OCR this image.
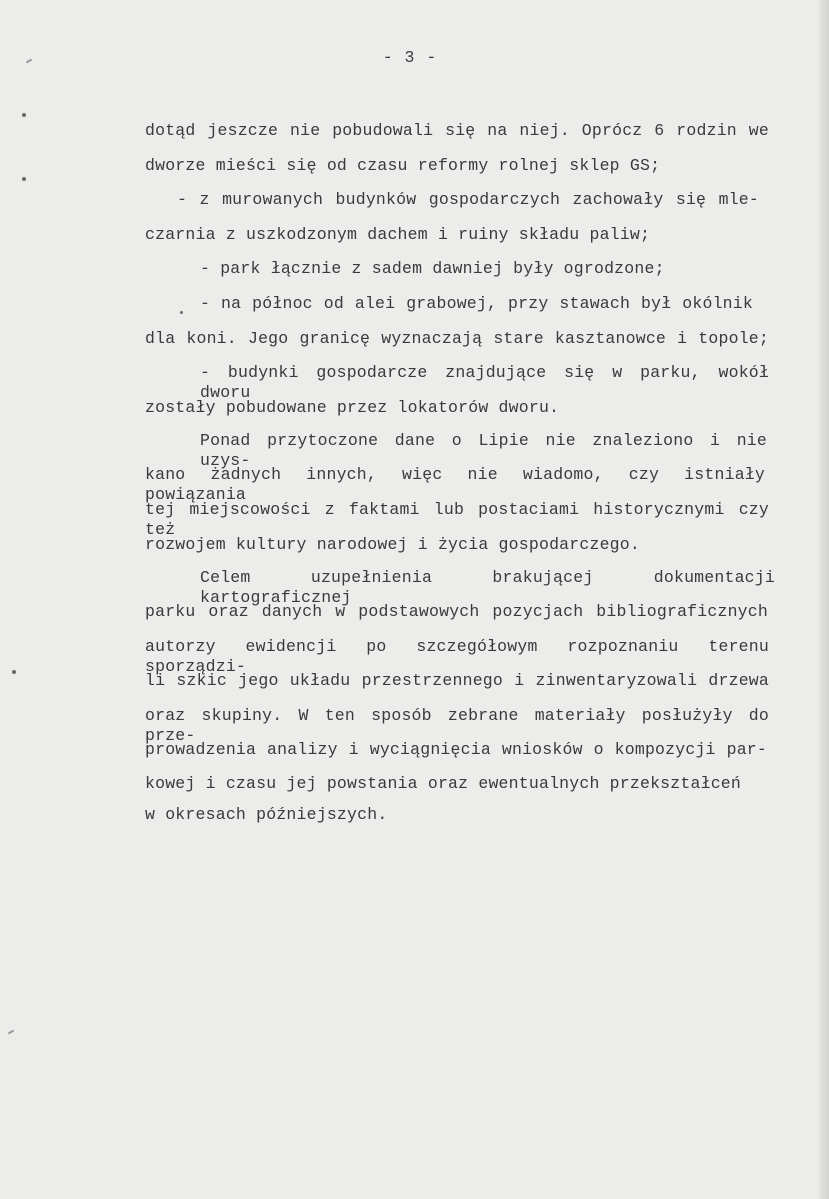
- 3 -
dotąd jeszcze nie pobudowali się na niej. Oprócz 6 rodzin we
dworze mieści się od czasu reformy rolnej sklep GS;
- z murowanych budynków gospodarczych zachowały się mle-
czarnia z uszkodzonym dachem i ruiny składu paliw;
- park łącznie z sadem dawniej były ogrodzone;
- na północ od alei grabowej, przy stawach był okólnik
dla koni. Jego granicę wyznaczają stare kasztanowce i topole;
- budynki gospodarcze znajdujące się w parku, wokół dworu
zostały pobudowane przez lokatorów dworu.
Ponad przytoczone dane o Lipie nie znaleziono i nie uzys-
kano żadnych innych, więc nie wiadomo, czy istniały powiązania
tej miejscowości z faktami lub postaciami historycznymi czy też
rozwojem kultury narodowej i życia gospodarczego.
Celem uzupełnienia brakującej dokumentacji kartograficznej
parku oraz danych w podstawowych pozycjach bibliograficznych
autorzy ewidencji po szczegółowym rozpoznaniu terenu sporządzi-
li szkic jego układu przestrzennego i zinwentaryzowali drzewa
oraz skupiny. W ten sposób zebrane materiały posłużyły do prze-
prowadzenia analizy i wyciągnięcia wniosków o kompozycji par-
kowej i czasu jej powstania oraz ewentualnych przekształceń
w okresach późniejszych.
